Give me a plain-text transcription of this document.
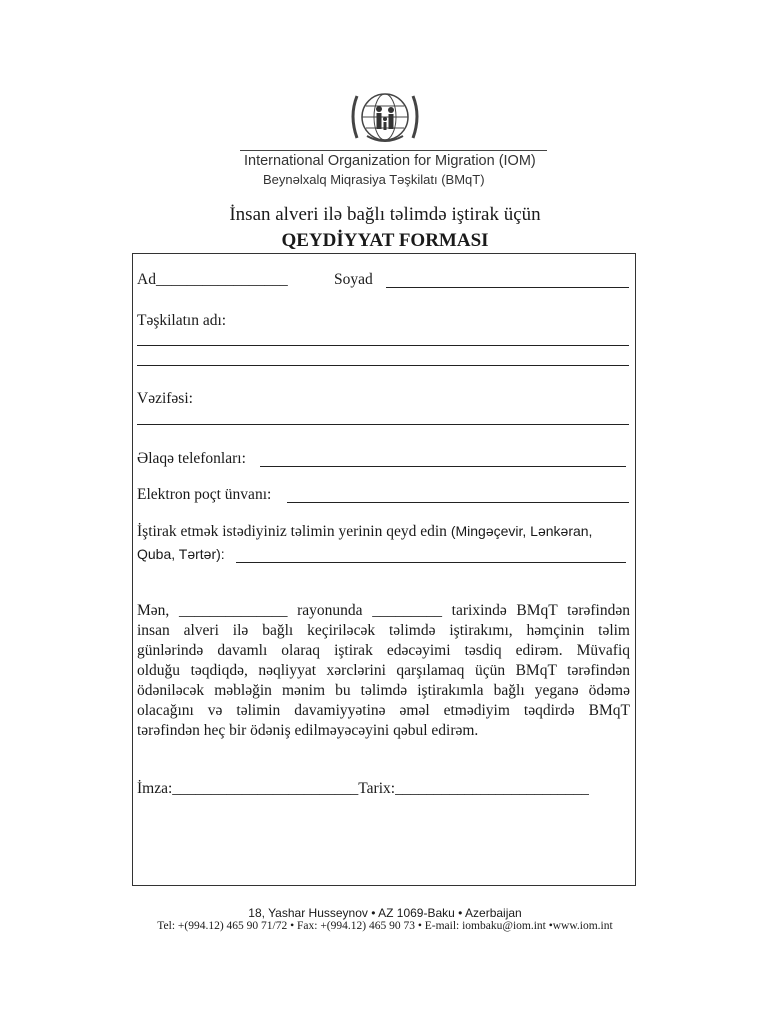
International Organization for Migration (IOM)
Beynəlxalq Miqrasiya Təşkilatı (BMqT)
İnsan alveri ilə bağlı təlimdə iştirak üçün
QEYDİYYAT FORMASI
Ad_________________	Soyad
Təşkilatın adı:
Vəzifəsi:
Əlaqə telefonları:
Elektron poçt ünvanı:
İştirak etmək istədiyiniz təlimin yerinin qeyd edin (Mingəçevir, Lənkəran,
Quba, Tərtər):
Mən, ______________ rayonunda _________ tarixində BMqT tərəfindən
insan alveri ilə bağlı keçiriləcək təlimdə iştirakımı, həmçinin təlim
günlərində davamlı olaraq iştirak edəcəyimi təsdiq edirəm. Müvafiq
olduğu təqdiqdə, nəqliyyat xərclərini qarşılamaq üçün BMqT tərəfindən
ödəniləcək məbləğin mənim bu təlimdə iştirakımla bağlı yeganə ödəmə
olacağını və təlimin davamiyyətinə əməl etmədiyim təqdirdə BMqT
tərəfindən heç bir ödəniş edilməyəcəyini qəbul edirəm.
İmza:________________________Tarix:_________________________
18, Yashar Husseynov • AZ 1069-Baku • Azerbaijan
Tel: +(994.12) 465 90 71/72 • Fax: +(994.12) 465 90 73 • E-mail: iombaku@iom.int •www.iom.int
